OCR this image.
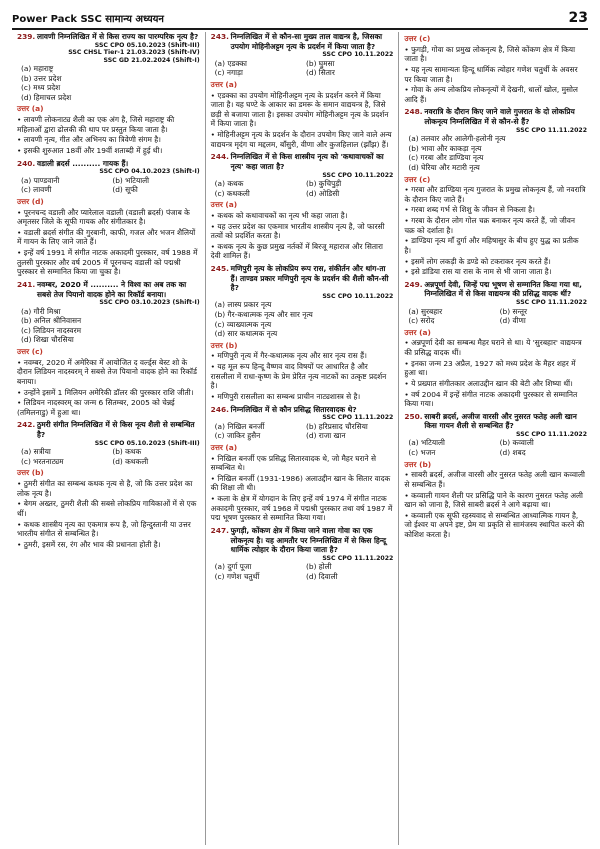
Power Pack SSC सामान्य अध्ययन	23
239. लावणी निम्नलिखित में से किस राज्य का पारम्परिक नृत्य है?
SSC CPO 05.10.2023 (Shift-III)
SSC CHSL Tier-1 21.03.2023 (Shift-IV)
SSC GD 21.02.2024 (Shift-I)
(a) महाराष्ट्र
(b) उत्तर प्रदेश
(c) मध्य प्रदेश
(d) हिमाचल प्रदेश
उत्तर (a)
• लावणी लोकनाट्य शैली का एक अंग है, जिसे महाराष्ट्र की महिलाओं द्वारा ढोलकी की थाप पर प्रस्तुत किया जाता है।
• लावणी नृत्य, गीत और अभिनय का त्रिवेणी संगम है।
• इसकी शुरुआत 18वीं और 19वीं शताब्दी में हुई थी।
240. वडाली ब्रदर्स .......... गायक हैं।
SSC CPO 04.10.2023 (Shift-I)
(a) पाण्डवानी	(b) भटियाली
(c) लावणी	(d) सूफी
उत्तर (d)
• पूरनचन्द वडाली और प्यारेलाल वडाली (वडाली ब्रदर्स) पंजाब के अमृतसर जिले के सूफी गायक और संगीतकार है।
• वडाली ब्रदर्स संगीत की गुरबानी, काफी, गजल और भजन शैलियों में गायन के लिए जाने जाते हैं।
• इन्हें वर्ष 1991 में संगीत नाटक अकादमी पुरस्कार, वर्ष 1988 में तुलसी पुरस्कार और वर्ष 2005 में पूरनचन्द वडाली को पद्मश्री पुरस्कार से सम्मानित किया जा चुका है।
241. नवम्बर, 2020 में .......... ने विश्व का अब तक का सबसे तेज पियानो वादक होने का रिकॉर्ड बनाया।
SSC CPO 03.10.2023 (Shift-I)
(a) गौरी मिश्रा
(b) अनिल श्रीनिवासन
(c) लिडियन नादस्वरम
(d) शिखा चौरसिया
उत्तर (c)
• नवम्बर, 2020 में अमेरिका में आयोजित द वर्ल्ड्स बेस्ट शो के दौरान लिडियन नादस्वरम् ने सबसे तेज पियानो वादक होने का रिकॉर्ड बनाया।
• उन्होंने इसमें 1 मिलियन अमेरिकी डॉलर की पुरस्कार राशि जीती।
• लिडियन नादस्वरम् का जन्म 6 सितम्बर, 2005 को चेन्नई (तमिलनाडु) में हुआ था।
242. ठुमरी संगीत निम्नलिखित में से किस नृत्य शैली से सम्बन्धित है?
SSC CPO 05.10.2023 (Shift-III)
(a) सत्रीया	(b) कथक
(c) भरतनाट्यम	(d) कथकली
उत्तर (b)
• ठुमरी संगीत का सम्बन्ध कथक नृत्य से है, जो कि उत्तर प्रदेश का लोक नृत्य है।
• बेगम अख्तर, ठुमरी शैली की सबसे लोकप्रिय गायिकाओं में से एक थीं।
• कथक शास्त्रीय नृत्य का एकमात्र रूप है, जो हिन्दुस्तानी या उत्तर भारतीय संगीत से सम्बन्धित है।
• ठुमरी, इसमें रस, रंग और भाव की प्रधानता होती है।
243. निम्नलिखित में से कौन-सा मुख्य ताल वाद्यन्त्र है, जिसका उपयोग मोहिनीअट्टम नृत्य के प्रदर्शन में किया जाता है?
SSC CPO 10.11.2022
(a) एडक्का	(b) घुमसा
(c) नगाड़ा	(d) सितार
उत्तर (a)
• एडक्का का उपयोग मोहिनीअट्टम नृत्य के प्रदर्शन करने में किया जाता है। यह घण्टे के आकार का डमरू के समान वाद्ययन्त्र है, जिसे छड़ी से बजाया जाता है। इसका उपयोग मोहिनीअट्टम नृत्य के प्रदर्शन में किया जाता है।
• मोहिनीअट्टम नृत्य के प्रदर्शन के दौरान उपयोग किए जाने वाले अन्य वाद्ययन्त्र मृदंग या मद्दलम, बाँसुरी, वीणा और कुजहिलाल (झाँझ) हैं।
244. निम्नलिखित में से किस शास्त्रीय नृत्य को 'कथावाचकों का नृत्य' कहा जाता है?
SSC CPO 10.11.2022
(a) कथक	(b) कुचिपुड़ी
(c) कथकली	(d) ओडिसी
उत्तर (a)
• कथक को कथावाचकों का नृत्य भी कहा जाता है।
• यह उत्तर प्रदेश का एकमात्र भारतीय शास्त्रीय नृत्य है, जो फारसी तत्वों को प्रदर्शित करता है।
• कथक नृत्य के कुछ प्रमुख नर्तकों में बिरजू महाराज और सितारा देवी शामिल हैं।
245. मणिपुरी नृत्य के लोकप्रिय रूप रास, संकीर्तन और थांग-ता हैं। ताण्डव प्रकार मणिपुरी नृत्य के प्रदर्शन की शैली कौन-सी है?
SSC CPO 10.11.2022
(a) लास्य प्रकार नृत्य
(b) गैर-कथात्मक नृत्य और सार नृत्य
(c) व्याख्यात्मक नृत्य
(d) सार कथात्मक नृत्य
उत्तर (b)
• मणिपुरी नृत्य में गैर-कथात्मक नृत्य और सार नृत्य रास हैं।
• यह मूल रूप हिन्दू वैष्णव वाद विषयों पर आधारित है और रासलीला में राधा-कृष्ण के प्रेम प्रेरित नृत्य नाटकों का उत्कृष्ट प्रदर्शन है।
• मणिपुरी रासलीला का सम्बन्ध प्राचीन नाट्यशास्त्र से है।
246. निम्नलिखित में से कौन प्रसिद्ध सितारवादक थे?
SSC CPO 11.11.2022
(a) निखिल बनर्जी	(b) हरिप्रसाद चौरसिया
(c) जाकिर हुसैन	(d) राजा खान
उत्तर (a)
• निखिल बनर्जी एक प्रसिद्ध सितारवादक थे, जो मैहर घराने से सम्बन्धित थे।
• निखिल बनर्जी (1931-1986) अलाउद्दीन खान के सितार वादक की शिक्षा ली थी।
• कला के क्षेत्र में योगदान के लिए इन्हें वर्ष 1974 में संगीत नाटक अकादमी पुरस्कार, वर्ष 1968 में पद्मश्री पुरस्कार तथा वर्ष 1987 में पद्म भूषण पुरस्कार से सम्मानित किया गया।
247. फुगड़ी, कोंकण क्षेत्र में किया जाने वाला गोवा का एक लोकनृत्य है। यह आमतौर पर निम्नलिखित में से किस हिन्दू धार्मिक त्योहार के दौरान किया जाता है?
SSC CPO 11.11.2022
(a) दुर्गा पूजा	(b) होली
(c) गणेश चतुर्थी	(d) दिवाली
उत्तर (c)
• फुगड़ी, गोवा का प्रमुख लोकनृत्य है, जिसे कोंकण क्षेत्र में किया जाता है।
• यह नृत्य सामान्यतः हिन्दू धार्मिक त्योहार गणेश चतुर्थी के अवसर पर किया जाता है।
• गोवा के अन्य लोकप्रिय लोकनृत्यों में देखनी, धालों खोल, मुसोल आदि हैं।
248. नवरात्रि के दौरान किए जाने वाले गुजरात के दो लोकप्रिय लोकनृत्य निम्नलिखित में से कौन-से हैं?
SSC CPO 11.11.2022
(a) तलवार और आलेगी-हलोनी नृत्य
(b) भावा और काकड़ा नृत्य
(c) गरबा और डाण्डिया नृत्य
(d) घेरिया और मटारी नृत्य
उत्तर (c)
• गरबा और डाण्डिया नृत्य गुजरात के प्रमुख लोकनृत्य हैं, जो नवरात्रि के दौरान किए जाते हैं।
• गरबा शब्द गर्भ से शिशु के जीवन से निकला है।
• गरबा के दौरान लोग गोल चक्र बनाकर नृत्य करते हैं, जो जीवन चक्र को दर्शाता है।
• डाण्डिया नृत्य माँ दुर्गा और महिषासुर के बीच हुए युद्ध का प्रतीक है।
• इसमें लोग लकड़ी के डण्डे को टकराकर नृत्य करते हैं।
• इसे डांडिया रास या रास के नाम से भी जाना जाता है।
249. अन्नपूर्णा देवी, जिन्हें पद्म भूषण से सम्मानित किया गया था, निम्नलिखित में से किस वाद्ययन्त्र की प्रसिद्ध वादक थीं?
SSC CPO 11.11.2022
(a) सुरबहार	(b) सन्तूर
(c) सरोद	(d) वीणा
उत्तर (a)
• अन्नपूर्णा देवी का सम्बन्ध मैहर घराने से था। ये 'सुरबहार' वाद्ययन्त्र की प्रसिद्ध वादक थीं।
• इनका जन्म 23 अप्रैल, 1927 को मध्य प्रदेश के मैहर शहर में हुआ था।
• ये प्रख्यात संगीतकार अलाउद्दीन खान की बेटी और शिष्या थीं।
• वर्ष 2004 में इन्हें संगीत नाटक अकादमी पुरस्कार से सम्मानित किया गया।
250. साबरी ब्रदर्स, अजीज वारसी और नुसरत फतेह अली खान किस गायन शैली से सम्बन्धित हैं?
SSC CPO 11.11.2022
(a) भटियाली	(b) कव्वाली
(c) भजन	(d) शबद
उत्तर (b)
• साबरी ब्रदर्स, अजीज वारसी और नुसरत फतेह अली खान कव्वाली से सम्बन्धित हैं।
• कव्वाली गायन शैली पर प्रसिद्धि पाने के कारण नुसरत फतेह अली खान को जाना है, जिसे साबरी ब्रदर्स ने आगे बढ़ाया था।
• कव्वाली एक सूफी रहस्यवाद से सम्बन्धित आध्यात्मिक गायन है, जो ईश्वर या अपने इष्ट, प्रेम या प्रकृति से सामंजस्य स्थापित करने की कोशिश करता है।
